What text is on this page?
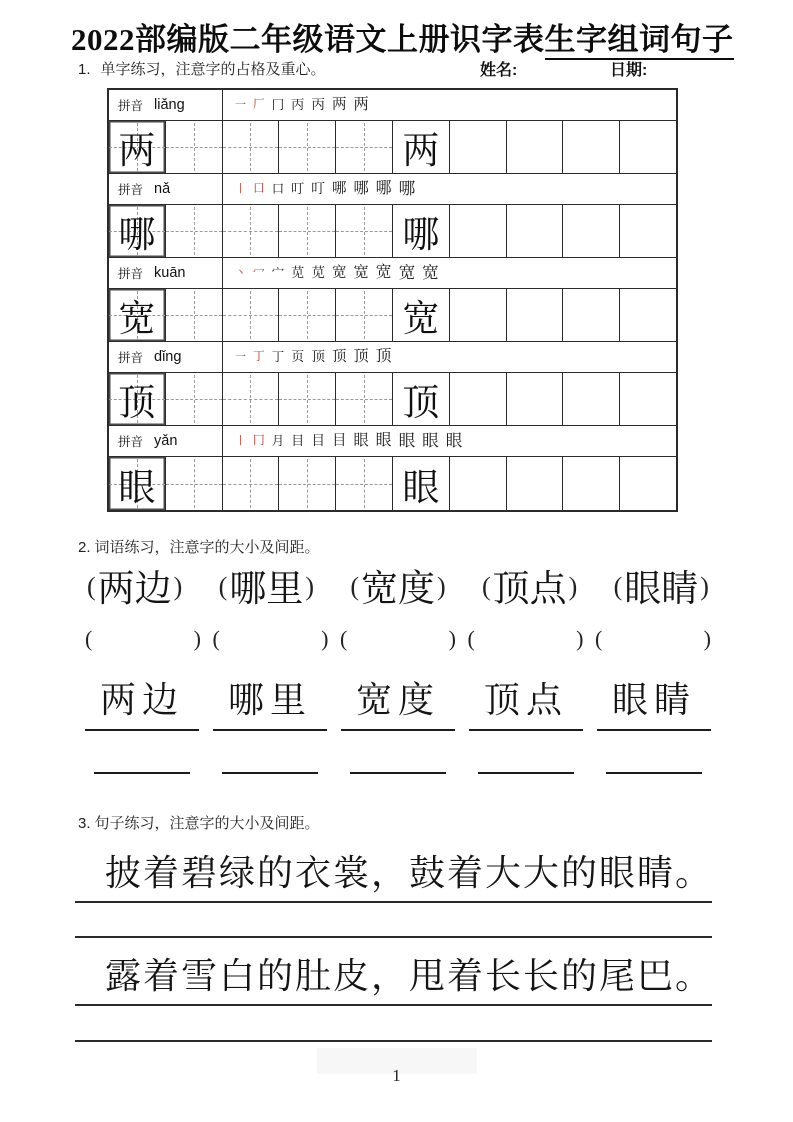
2022部编版二年级语文上册识字表生字组词句子
1. 单字练习，注意字的占格及重心。	姓名:	日期:
拼音 liǎng	一 厂 冂 丙 丙 两 两
两	两
拼音 nǎ	丨 口 口 叮 叮 哪 哪 哪 哪
哪	哪
拼音 kuān	丶 冖 宀 苋 苋 宽 宽 宽 宽 宽
宽	宽
拼音 dǐng	一 丁 丁 页 顶 顶 顶 顶
顶	顶
拼音 yǎn	丨 冂 月 目 目 目 眼 眼 眼 眼 眼
眼	眼
2. 词语练习，注意字的大小及间距。
(两边) (哪里) (宽度) (顶点) (眼睛)
(	) (	) (	) (	) (	)
两边	哪里	宽度	顶点	眼睛
3. 句子练习，注意字的大小及间距。
披着碧绿的衣裳，鼓着大大的眼睛。
露着雪白的肚皮，甩着长长的尾巴。
1
